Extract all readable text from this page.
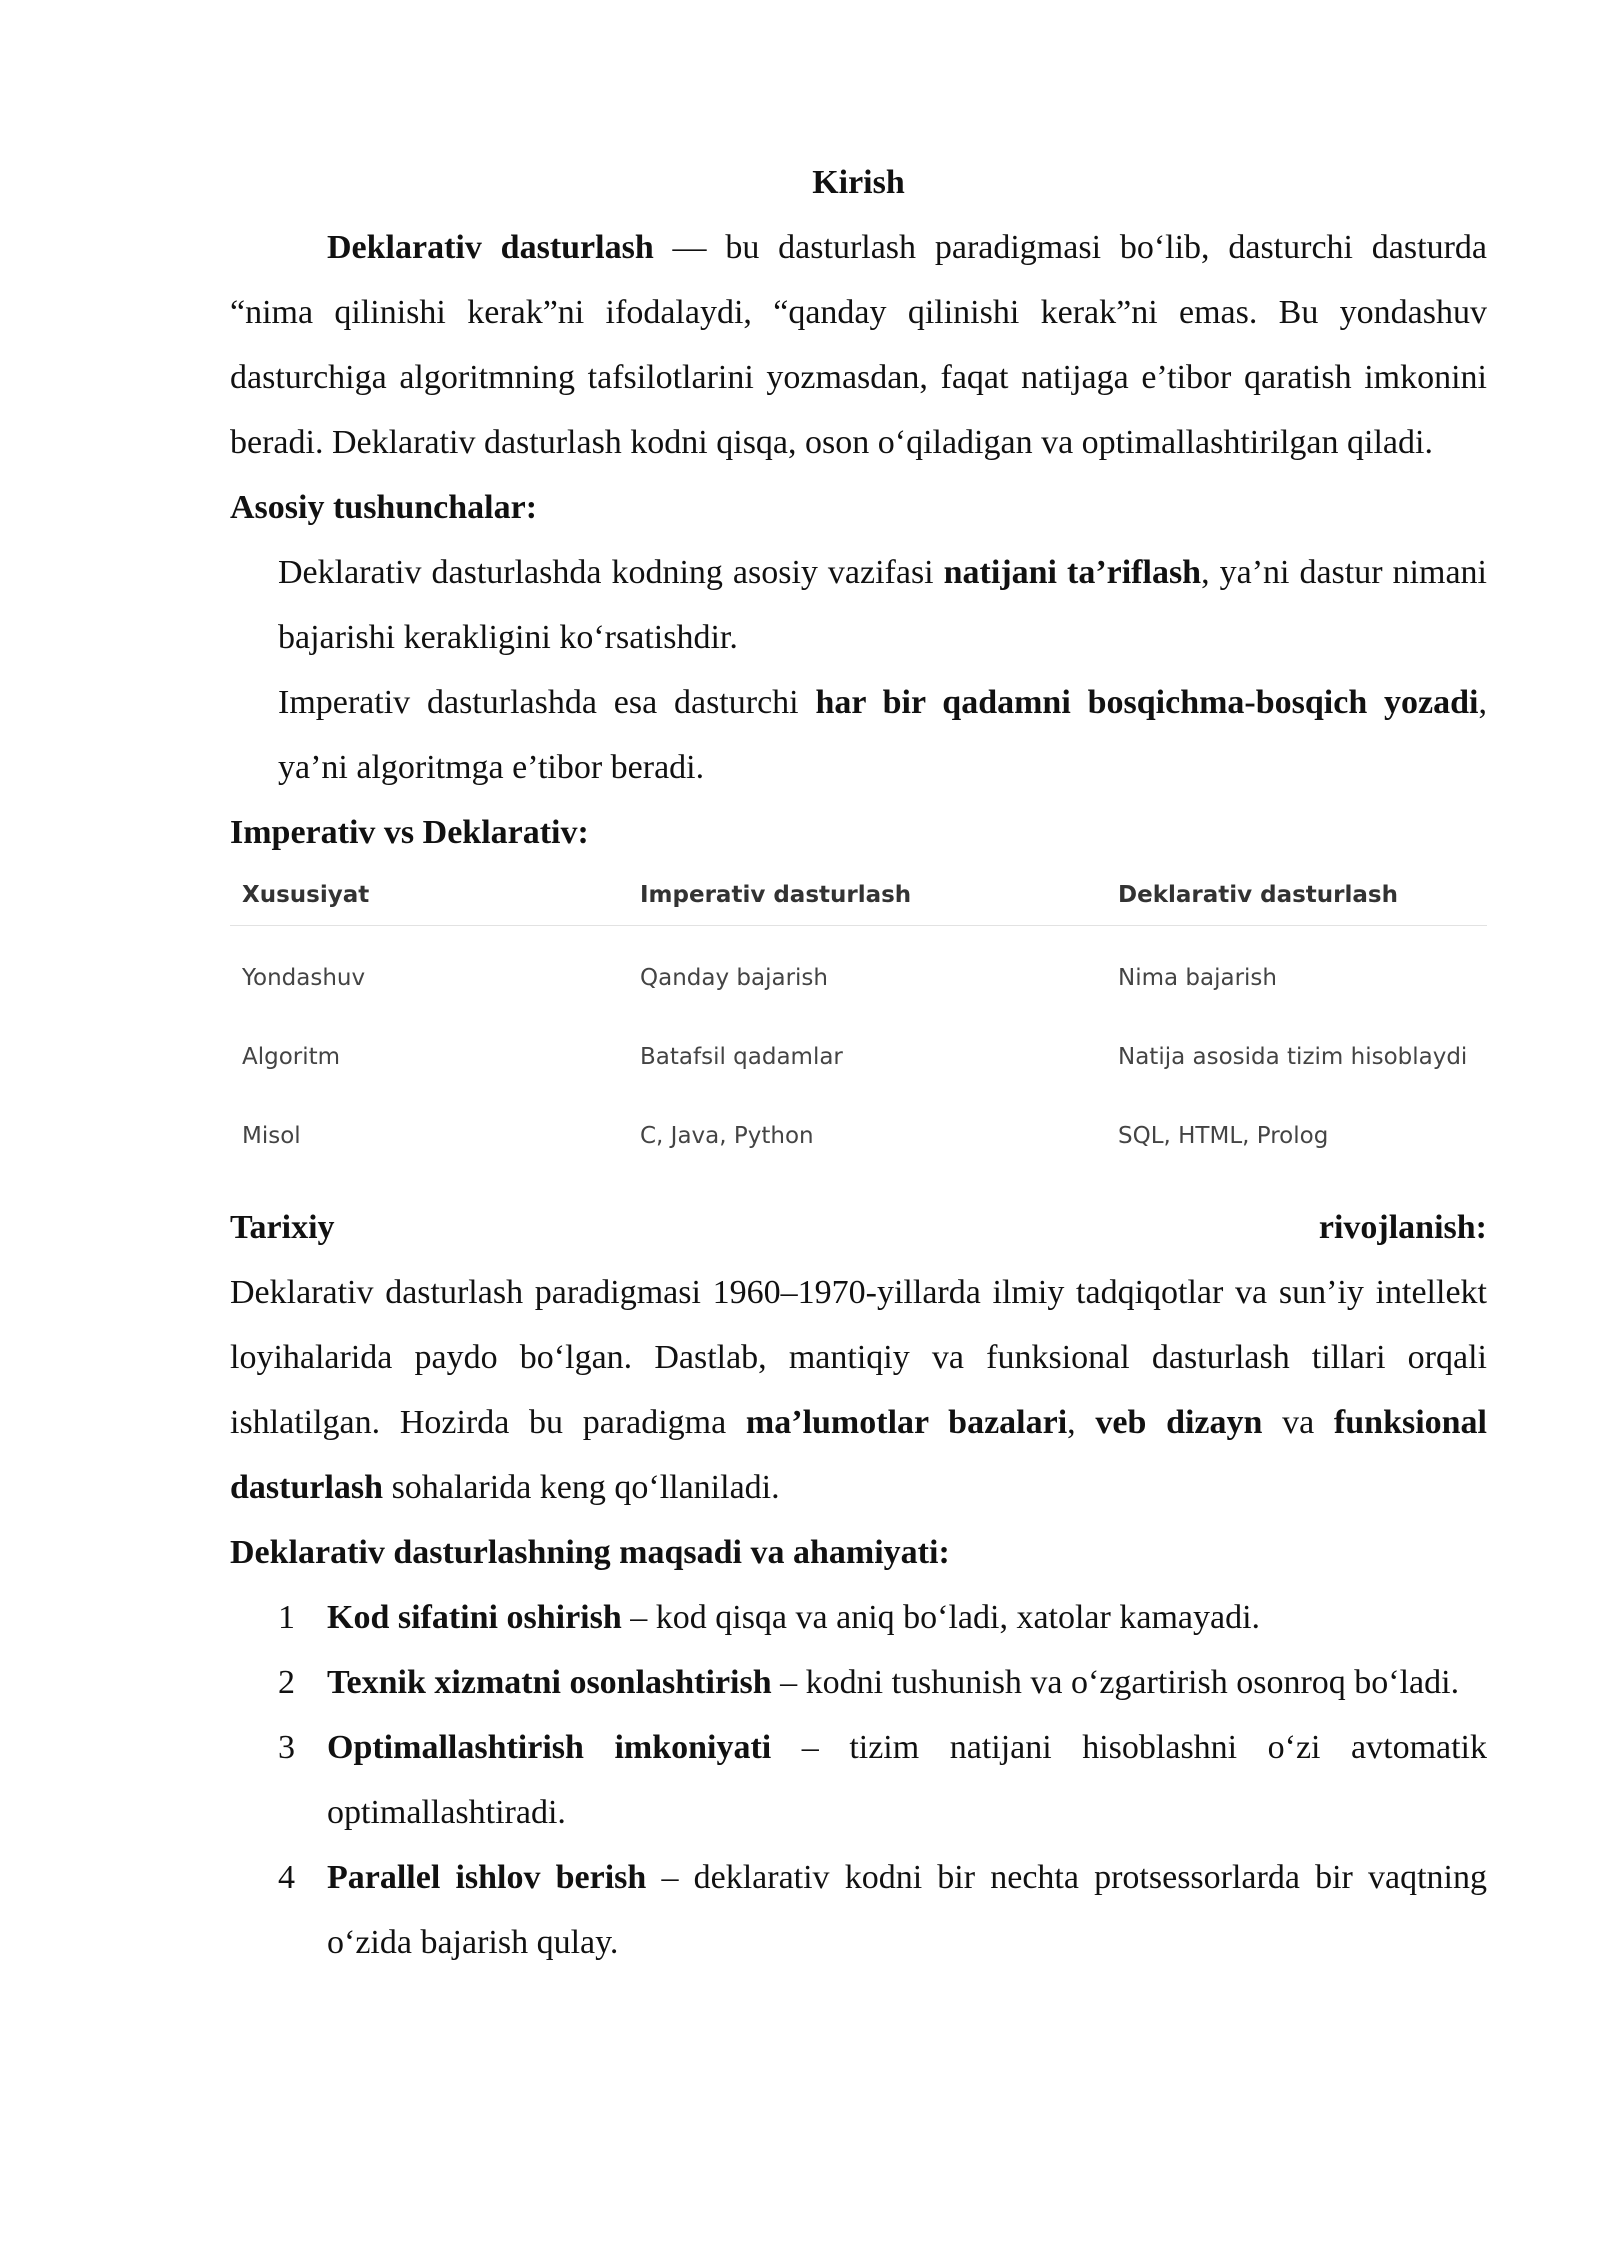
Kirish

Deklarativ dasturlash — bu dasturlash paradigmasi bo‘lib, dasturchi dasturda “nima qilinishi kerak”ni ifodalaydi, “qanday qilinishi kerak”ni emas. Bu yondashuv dasturchiga algoritmning tafsilotlarini yozmasdan, faqat natijaga e’tibor qaratish imkonini beradi. Deklarativ dasturlash kodni qisqa, oson o‘qiladigan va optimallashtirilgan qiladi.

Asosiy tushunchalar:

Deklarativ dasturlashda kodning asosiy vazifasi natijani ta’riflash, ya’ni dastur nimani bajarishi kerakligini ko‘rsatishdir.

Imperativ dasturlashda esa dasturchi har bir qadamni bosqichma-bosqich yozadi, ya’ni algoritmga e’tibor beradi.

Imperativ vs Deklarativ:

Xususiyat	Imperativ dasturlash	Deklarativ dasturlash
Yondashuv	Qanday bajarish	Nima bajarish
Algoritm	Batafsil qadamlar	Natija asosida tizim hisoblaydi
Misol	C, Java, Python	SQL, HTML, Prolog
Tarixiy	rivojlanish:

Deklarativ dasturlash paradigmasi 1960–1970-yillarda ilmiy tadqiqotlar va sun’iy intellekt loyihalarida paydo bo‘lgan. Dastlab, mantiqiy va funksional dasturlash tillari orqali ishlatilgan. Hozirda bu paradigma ma’lumotlar bazalari, veb dizayn va funksional dasturlash sohalarida keng qo‘llaniladi.

Deklarativ dasturlashning maqsadi va ahamiyati:

1 Kod sifatini oshirish – kod qisqa va aniq bo‘ladi, xatolar kamayadi.
2 Texnik xizmatni osonlashtirish – kodni tushunish va o‘zgartirish osonroq bo‘ladi.
3 Optimallashtirish imkoniyati – tizim natijani hisoblashni o‘zi avtomatik optimallashtiradi.
4 Parallel ishlov berish – deklarativ kodni bir nechta protsessorlarda bir vaqtning o‘zida bajarish qulay.
